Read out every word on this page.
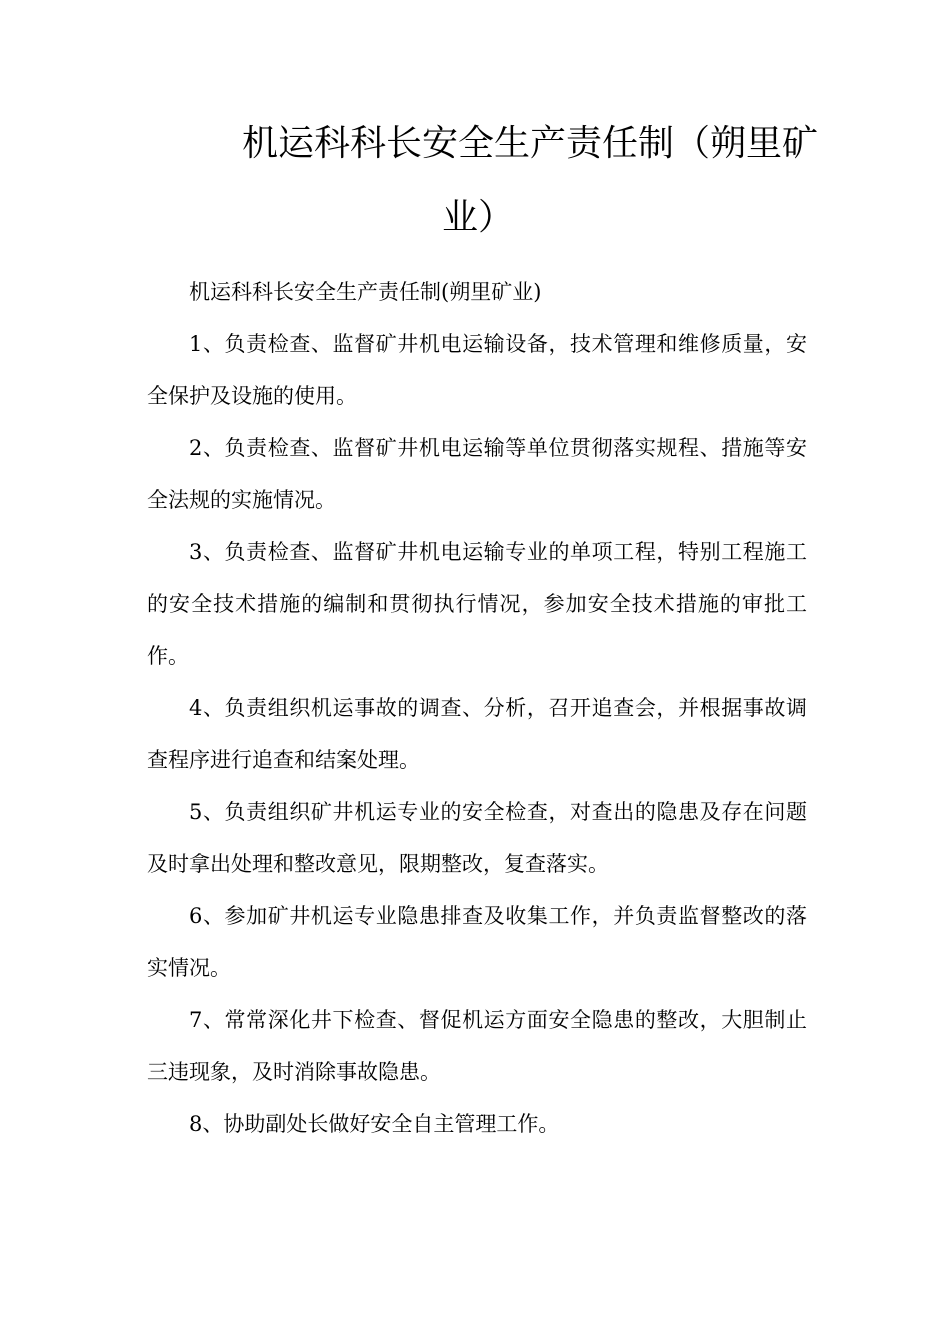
机运科科长安全生产责任制（朔里矿
业）

机运科科长安全生产责任制(朔里矿业)

1、负责检查、监督矿井机电运输设备，技术管理和维修质量，安全保护及设施的使用。

2、负责检查、监督矿井机电运输等单位贯彻落实规程、措施等安全法规的实施情况。

3、负责检查、监督矿井机电运输专业的单项工程，特别工程施工的安全技术措施的编制和贯彻执行情况，参加安全技术措施的审批工作。

4、负责组织机运事故的调查、分析，召开追查会，并根据事故调查程序进行追查和结案处理。

5、负责组织矿井机运专业的安全检查，对查出的隐患及存在问题及时拿出处理和整改意见，限期整改，复查落实。

6、参加矿井机运专业隐患排查及收集工作，并负责监督整改的落实情况。

7、常常深化井下检查、督促机运方面安全隐患的整改，大胆制止三违现象，及时消除事故隐患。

8、协助副处长做好安全自主管理工作。
